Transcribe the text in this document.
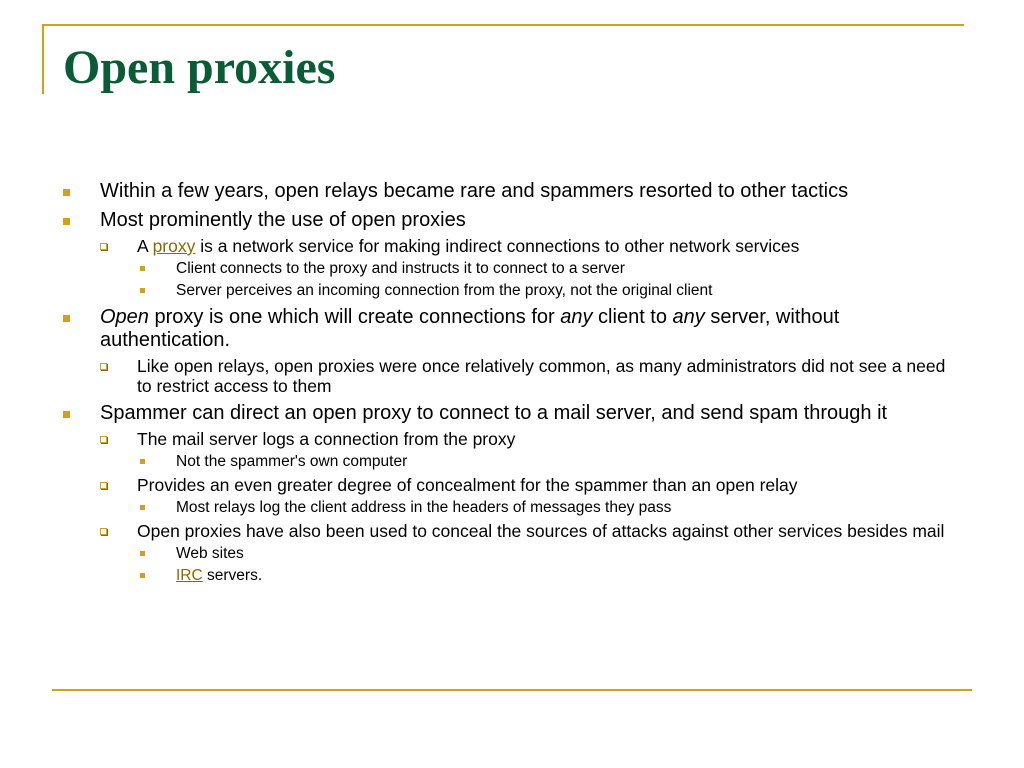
Open proxies
Within a few years, open relays became rare and spammers resorted to other tactics
Most prominently the use of open proxies
A proxy is a network service for making indirect connections to other network services
Client connects to the proxy and instructs it to connect to a server
Server perceives an incoming connection from the proxy, not the original client
Open proxy is one which will create connections for any client to any server, without authentication.
Like open relays, open proxies were once relatively common, as many administrators did not see a need to restrict access to them
Spammer can direct an open proxy to connect to a mail server, and send spam through it
The mail server logs a connection from the proxy
Not the spammer's own computer
Provides an even greater degree of concealment for the spammer than an open relay
Most relays log the client address in the headers of messages they pass
Open proxies have also been used to conceal the sources of attacks against other services besides mail
Web sites
IRC servers.
